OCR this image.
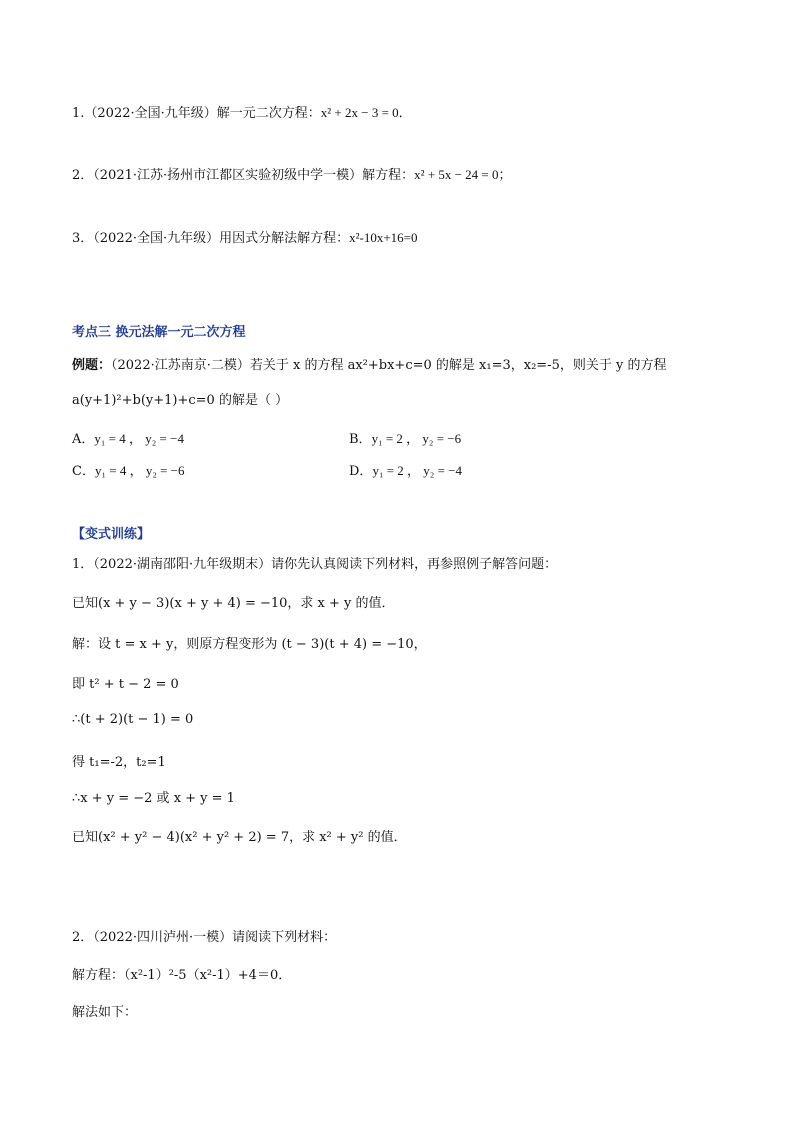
1.（2022·全国·九年级）解一元二次方程：x² + 2x − 3 = 0．
2．（2021·江苏·扬州市江都区实验初级中学一模）解方程：x² + 5x − 24 = 0；
3．（2022·全国·九年级）用因式分解法解方程：x²-10x+16=0
考点三 换元法解一元二次方程
例题：（2022·江苏南京·二模）若关于 x 的方程 ax²+bx+c=0 的解是 x₁=3，x₂=-5，则关于 y 的方程
a(y+1)²+b(y+1)+c=0 的解是（ ）
A．y₁ = 4 ， y₂ = −4	B．y₁ = 2 ， y₂ = −6
C．y₁ = 4 ， y₂ = −6	D．y₁ = 2 ， y₂ = −4
【变式训练】
1．（2022·湖南邵阳·九年级期末）请你先认真阅读下列材料，再参照例子解答问题：
已知(x + y − 3)(x + y + 4) = −10，求 x + y 的值．
解：设 t = x + y，则原方程变形为 (t − 3)(t + 4) = −10，
即 t² + t − 2 = 0
∴(t + 2)(t − 1) = 0
得 t₁=-2，t₂=1
∴x + y = −2 或 x + y = 1
已知(x² + y² − 4)(x² + y² + 2) = 7，求 x² + y² 的值．
2．（2022·四川泸州·一模）请阅读下列材料：
解方程：（x²-1）²-5（x²-1）+4＝0．
解法如下：
